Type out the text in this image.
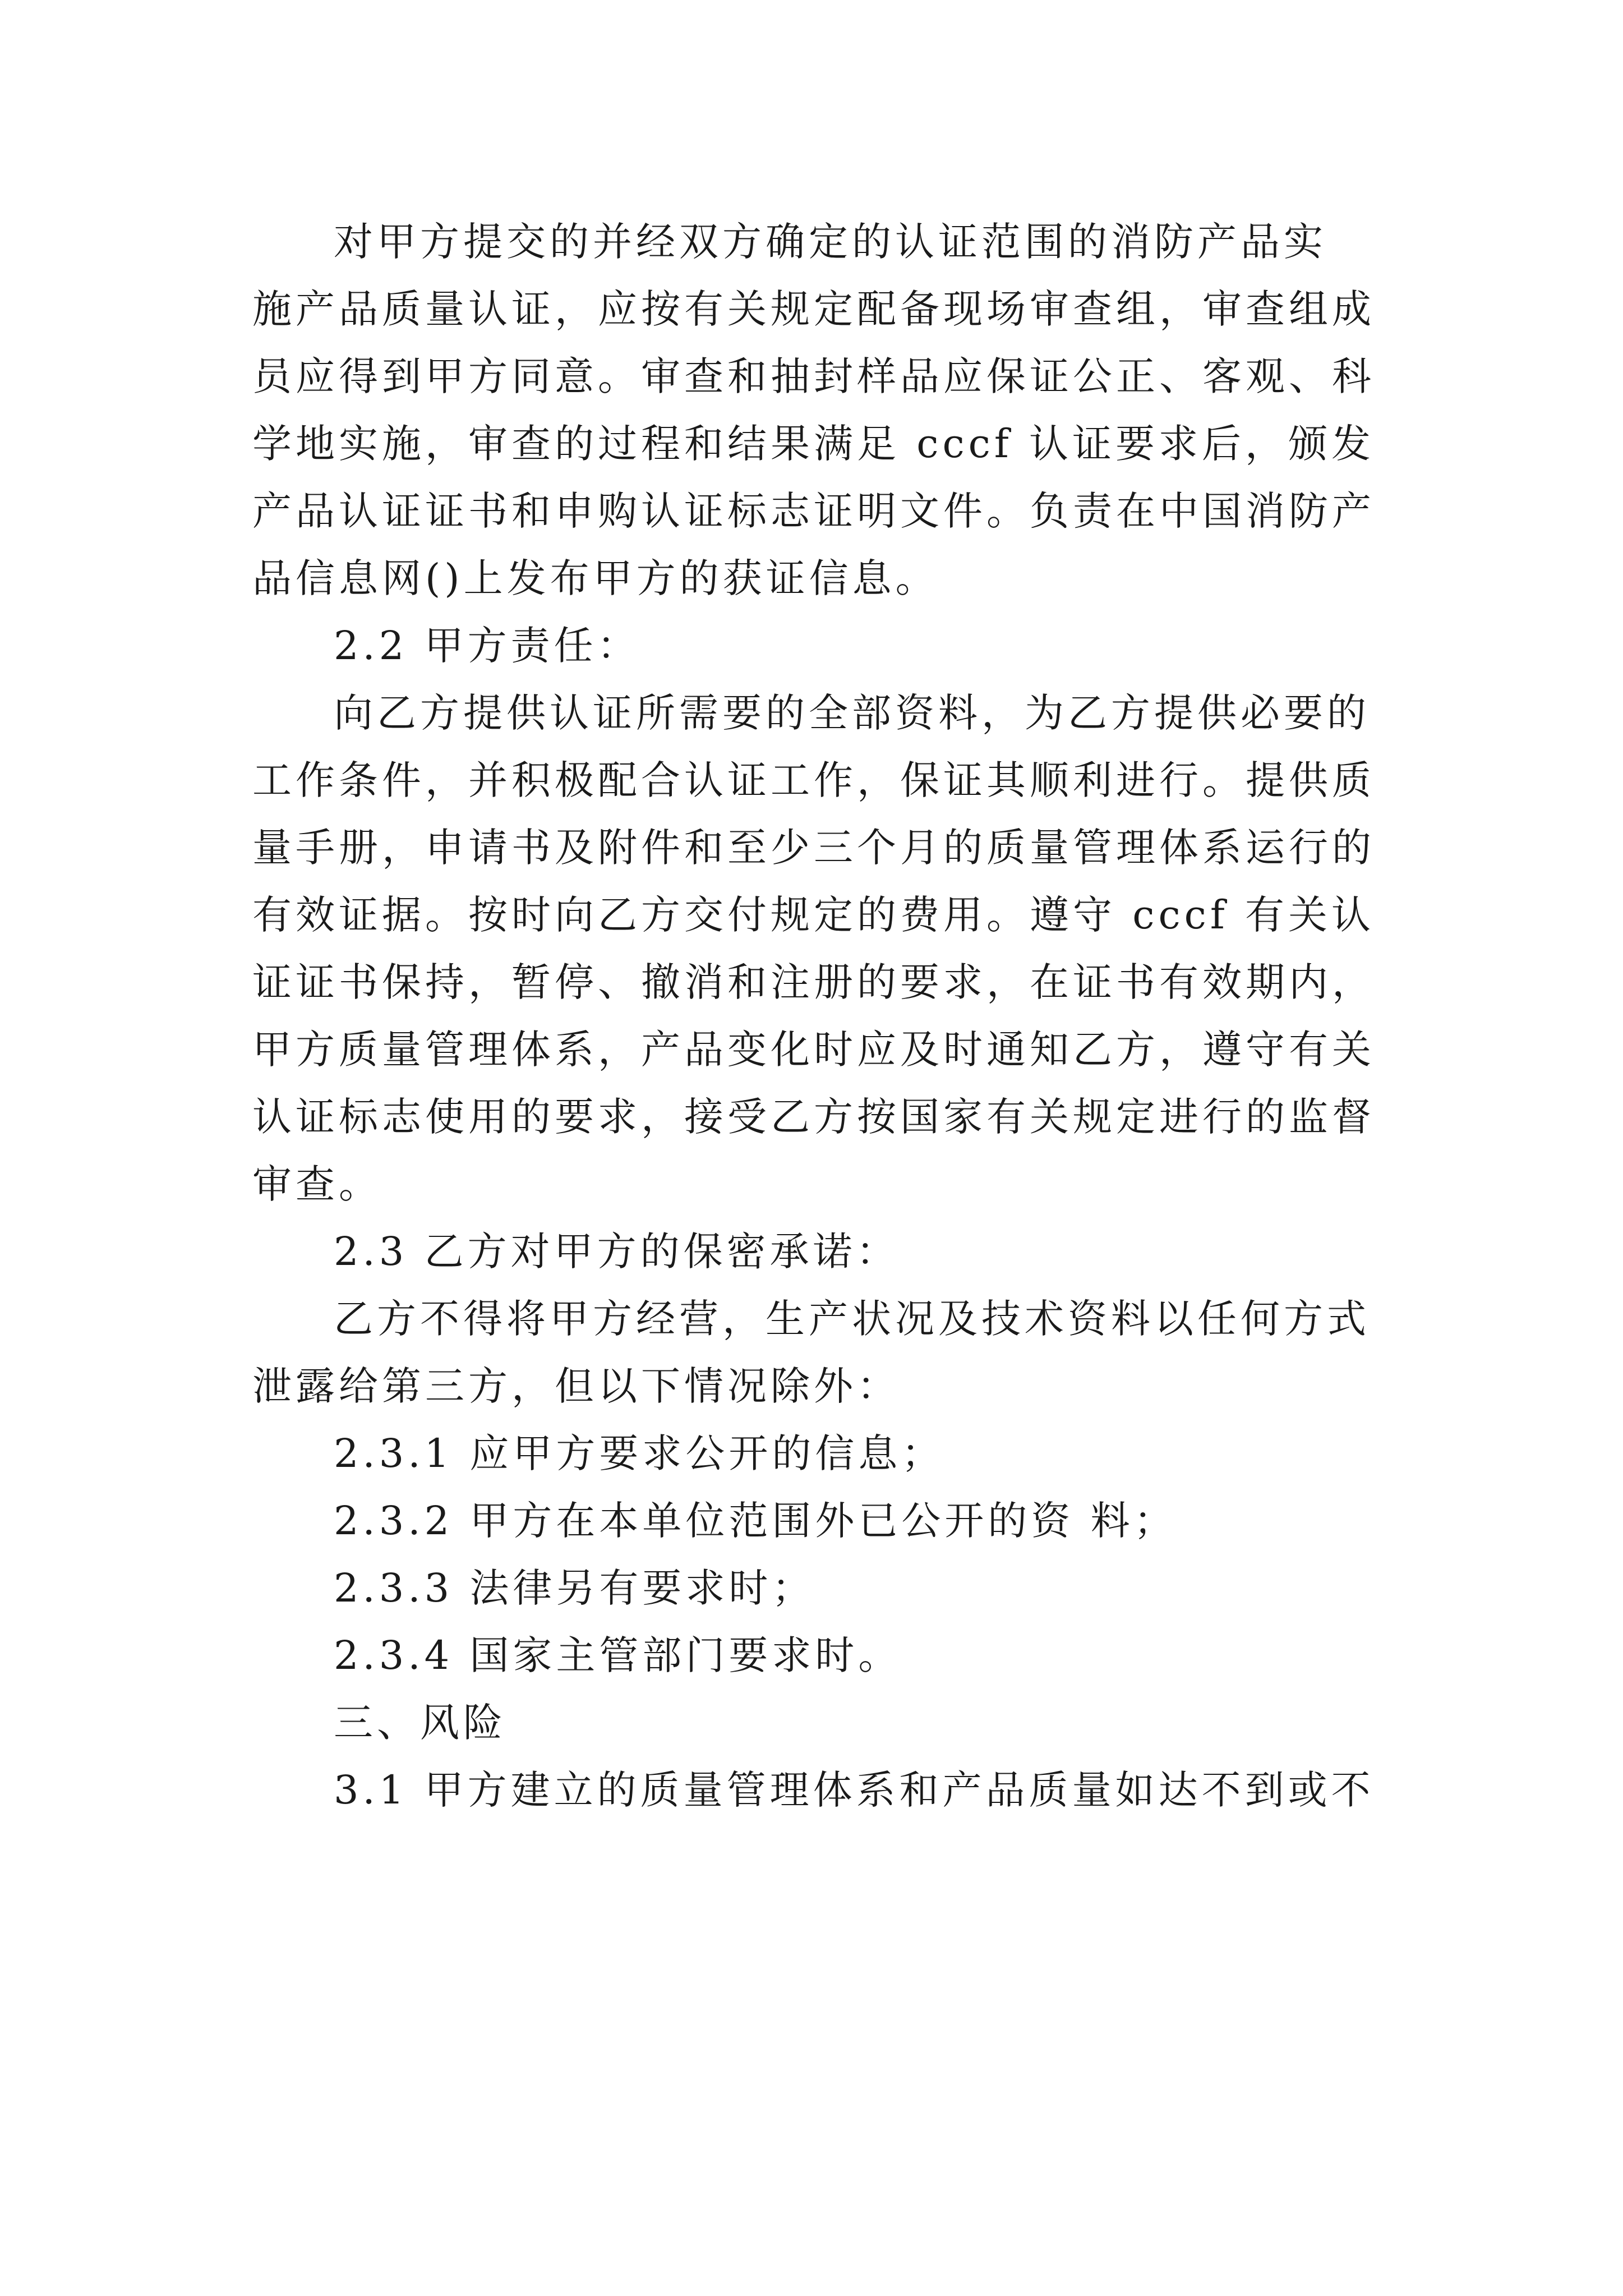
对甲方提交的并经双方确定的认证范围的消防产品实
施产品质量认证，应按有关规定配备现场审查组，审查组成
员应得到甲方同意。审查和抽封样品应保证公正、客观、科
学地实施，审查的过程和结果满足 cccf 认证要求后，颁发
产品认证证书和申购认证标志证明文件。负责在中国消防产
品信息网()上发布甲方的获证信息。
2.2 甲方责任：
向乙方提供认证所需要的全部资料，为乙方提供必要的
工作条件，并积极配合认证工作，保证其顺利进行。提供质
量手册，申请书及附件和至少三个月的质量管理体系运行的
有效证据。按时向乙方交付规定的费用。遵守 cccf 有关认
证证书保持，暂停、撤消和注册的要求，在证书有效期内，
甲方质量管理体系，产品变化时应及时通知乙方，遵守有关
认证标志使用的要求，接受乙方按国家有关规定进行的监督
审查。
2.3 乙方对甲方的保密承诺：
乙方不得将甲方经营，生产状况及技术资料以任何方式
泄露给第三方，但以下情况除外：
2.3.1 应甲方要求公开的信息；
2.3.2 甲方在本单位范围外已公开的资 料；
2.3.3 法律另有要求时；
2.3.4 国家主管部门要求时。
三、风险
3.1 甲方建立的质量管理体系和产品质量如达不到或不
